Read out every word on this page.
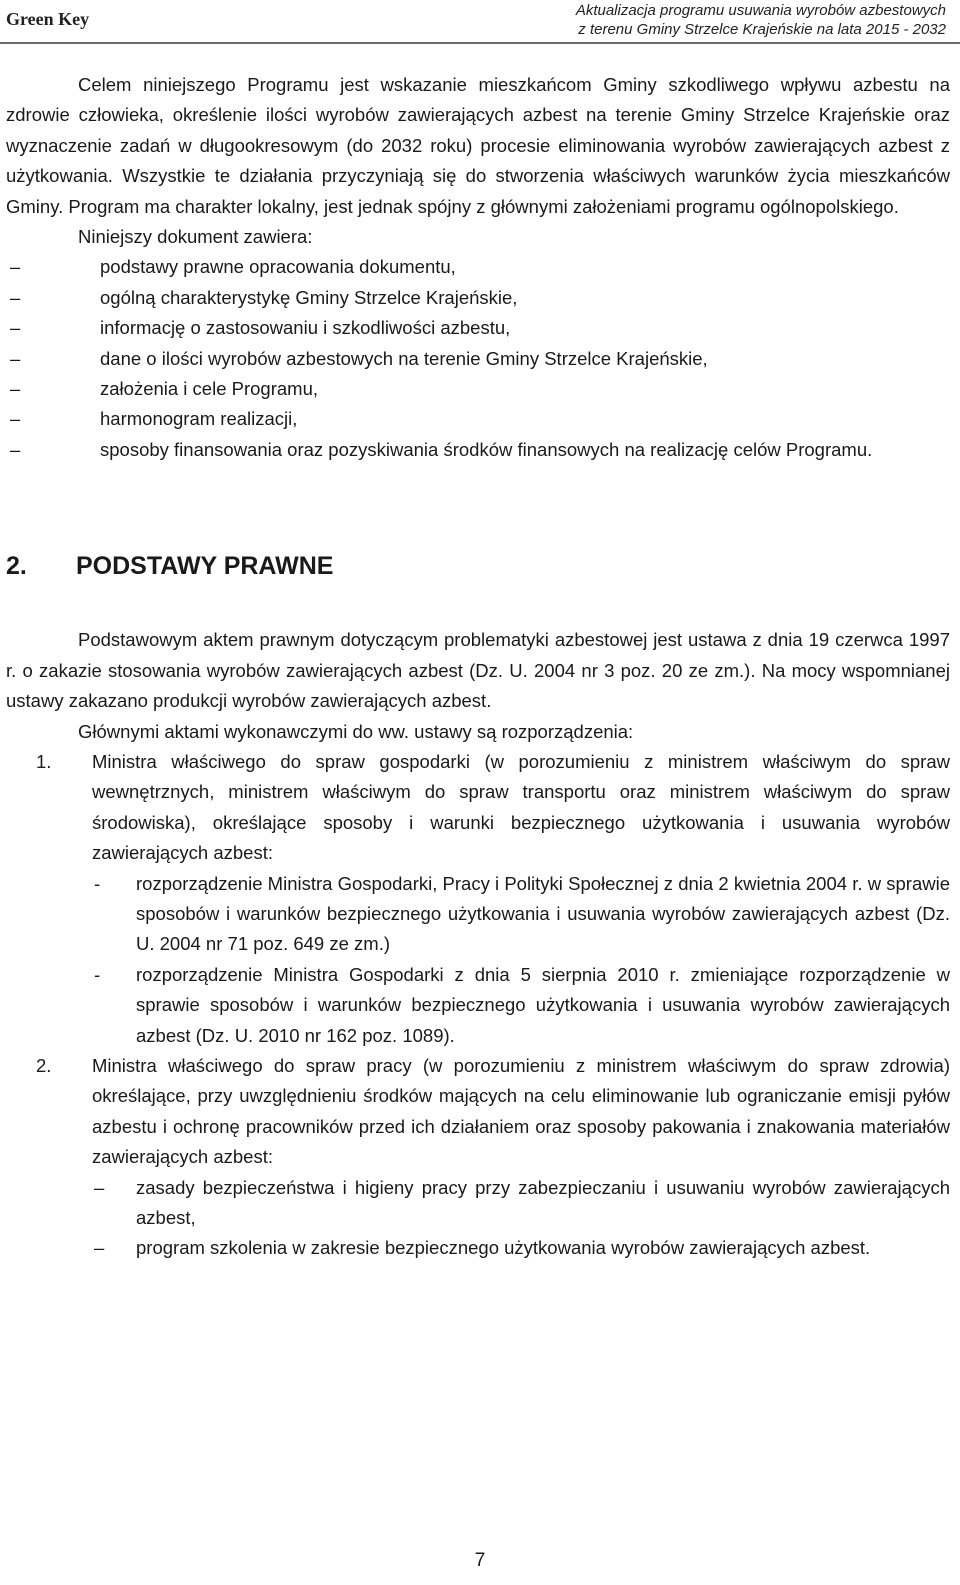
Green Key	Aktualizacja programu usuwania wyrobów azbestowych
z terenu Gminy Strzelce Krajeńskie na lata 2015 - 2032

Celem niniejszego Programu jest wskazanie mieszkańcom Gminy szkodliwego wpływu azbestu na zdrowie człowieka, określenie ilości wyrobów zawierających azbest na terenie Gminy Strzelce Krajeńskie oraz wyznaczenie zadań w długookresowym (do 2032 roku) procesie eliminowania wyrobów zawierających azbest z użytkowania. Wszystkie te działania przyczyniają się do stworzenia właściwych warunków życia mieszkańców Gminy. Program ma charakter lokalny, jest jednak spójny z głównymi założeniami programu ogólnopolskiego.

Niniejszy dokument zawiera:

–	podstawy prawne opracowania dokumentu,
–	ogólną charakterystykę Gminy Strzelce Krajeńskie,
–	informację o zastosowaniu i szkodliwości azbestu,
–	dane o ilości wyrobów azbestowych na terenie Gminy Strzelce Krajeńskie,
–	założenia i cele Programu,
–	harmonogram realizacji,
–	sposoby finansowania oraz pozyskiwania środków finansowych na realizację celów Programu.
2. PODSTAWY PRAWNE

Podstawowym aktem prawnym dotyczącym problematyki azbestowej jest ustawa z dnia 19 czerwca 1997 r. o zakazie stosowania wyrobów zawierających azbest (Dz. U. 2004 nr 3 poz. 20 ze zm.). Na mocy wspomnianej ustawy zakazano produkcji wyrobów zawierających azbest.

Głównymi aktami wykonawczymi do ww. ustawy są rozporządzenia:

1. Ministra właściwego do spraw gospodarki (w porozumieniu z ministrem właściwym do spraw wewnętrznych, ministrem właściwym do spraw transportu oraz ministrem właściwym do spraw środowiska), określające sposoby i warunki bezpiecznego użytkowania i usuwania wyrobów zawierających azbest:
- rozporządzenie Ministra Gospodarki, Pracy i Polityki Społecznej z dnia 2 kwietnia 2004 r. w sprawie sposobów i warunków bezpiecznego użytkowania i usuwania wyrobów zawierających azbest (Dz. U. 2004 nr 71 poz. 649 ze zm.)
- rozporządzenie Ministra Gospodarki z dnia 5 sierpnia 2010 r. zmieniające rozporządzenie w sprawie sposobów i warunków bezpiecznego użytkowania i usuwania wyrobów zawierających azbest (Dz. U. 2010 nr 162 poz. 1089).
2. Ministra właściwego do spraw pracy (w porozumieniu z ministrem właściwym do spraw zdrowia) określające, przy uwzględnieniu środków mających na celu eliminowanie lub ograniczanie emisji pyłów azbestu i ochronę pracowników przed ich działaniem oraz sposoby pakowania i znakowania materiałów zawierających azbest:
– zasady bezpieczeństwa i higieny pracy przy zabezpieczaniu i usuwaniu wyrobów zawierających azbest,
– program szkolenia w zakresie bezpiecznego użytkowania wyrobów zawierających azbest.
7
